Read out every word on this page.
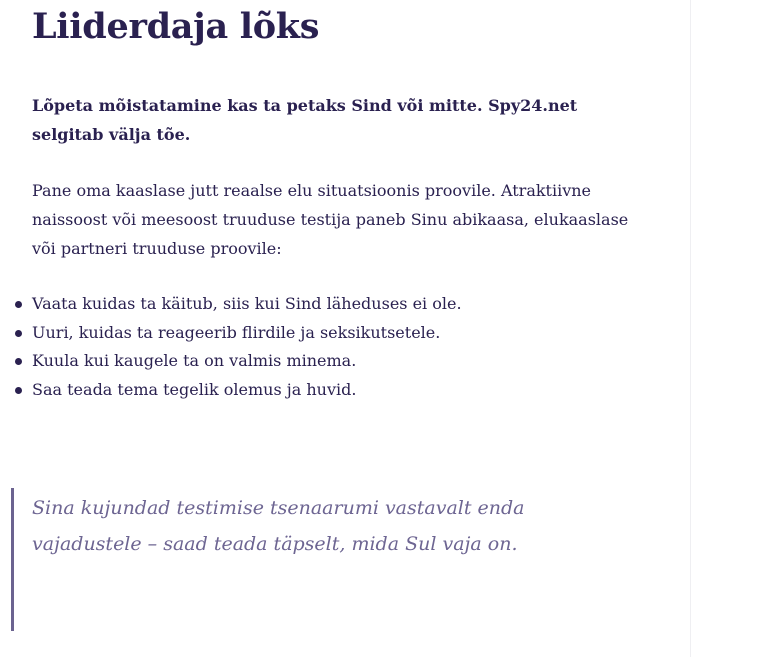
Liiderdaja lõks

Lõpeta mõistatamine kas ta petaks Sind või mitte. Spy24.net selgitab välja tõe.

Pane oma kaaslase jutt reaalse elu situatsioonis proovile. Atraktiivne naissoost või meesoost truuduse testija paneb Sinu abikaasa, elukaaslase või partneri truuduse proovile:

Vaata kuidas ta käitub, siis kui Sind läheduses ei ole.
Uuri, kuidas ta reageerib flirdile ja seksikutsetele.
Kuula kui kaugele ta on valmis minema.
Saa teada tema tegelik olemus ja huvid.

Sina kujundad testimise tsenaarumi vastavalt enda vajadustele – saad teada täpselt, mida Sul vaja on.
